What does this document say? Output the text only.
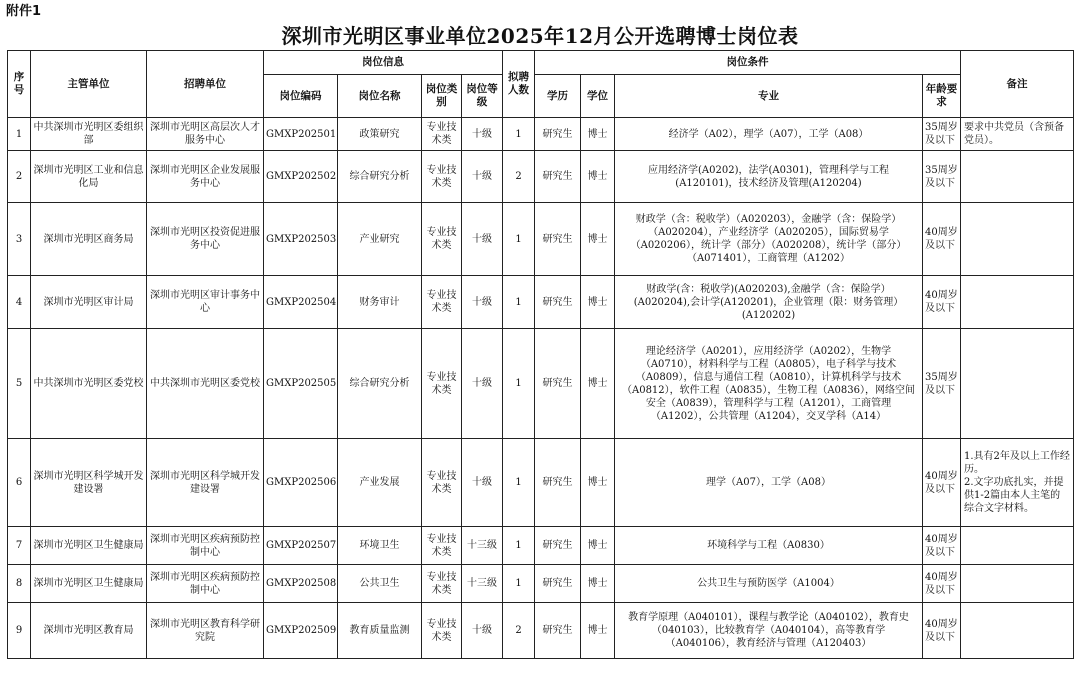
附件1
深圳市光明区事业单位2025年12月公开选聘博士岗位表
序号	主管单位	招聘单位	岗位信息				拟聘人数	岗位条件				备注
			岗位编码	岗位名称	岗位类别	岗位等级		学历	学位	专业	年龄要求	
1	中共深圳市光明区委组织部	深圳市光明区高层次人才服务中心	GMXP202501	政策研究	专业技术类	十级	1	研究生	博士	经济学（A02），理学（A07），工学（A08）	35周岁及以下	要求中共党员（含预备党员）。
2	深圳市光明区工业和信息化局	深圳市光明区企业发展服务中心	GMXP202502	综合研究分析	专业技术类	十级	2	研究生	博士	应用经济学(A0202)，法学(A0301)，管理科学与工程(A120101)，技术经济及管理(A120204)	35周岁及以下	
3	深圳市光明区商务局	深圳市光明区投资促进服务中心	GMXP202503	产业研究	专业技术类	十级	1	研究生	博士	财政学（含：税收学）（A020203），金融学（含：保险学）（A020204），产业经济学（A020205），国际贸易学（A020206），统计学（部分）（A020208），统计学（部分）（A071401），工商管理（A1202）	40周岁及以下	
4	深圳市光明区审计局	深圳市光明区审计事务中心	GMXP202504	财务审计	专业技术类	十级	1	研究生	博士	财政学(含：税收学)(A020203),金融学（含：保险学）(A020204),会计学(A120201)，企业管理（限：财务管理）(A120202)	40周岁及以下	
5	中共深圳市光明区委党校	中共深圳市光明区委党校	GMXP202505	综合研究分析	专业技术类	十级	1	研究生	博士	理论经济学（A0201），应用经济学（A0202），生物学（A0710），材料科学与工程（A0805），电子科学与技术（A0809），信息与通信工程（A0810），计算机科学与技术（A0812），软件工程（A0835），生物工程（A0836），网络空间安全（A0839），管理科学与工程（A1201），工商管理（A1202），公共管理（A1204），交叉学科（A14）	35周岁及以下	
6	深圳市光明区科学城开发建设署	深圳市光明区科学城开发建设署	GMXP202506	产业发展	专业技术类	十级	1	研究生	博士	理学（A07），工学（A08）	40周岁及以下	1.具有2年及以上工作经历。
2.文字功底扎实，并提供1-2篇由本人主笔的综合文字材料。
7	深圳市光明区卫生健康局	深圳市光明区疾病预防控制中心	GMXP202507	环境卫生	专业技术类	十三级	1	研究生	博士	环境科学与工程（A0830）	40周岁及以下	
8	深圳市光明区卫生健康局	深圳市光明区疾病预防控制中心	GMXP202508	公共卫生	专业技术类	十三级	1	研究生	博士	公共卫生与预防医学（A1004）	40周岁及以下	
9	深圳市光明区教育局	深圳市光明区教育科学研究院	GMXP202509	教育质量监测	专业技术类	十级	2	研究生	博士	教育学原理（A040101），课程与教学论（A040102），教育史（040103），比较教育学（A040104），高等教育学（A040106），教育经济与管理（A120403）	40周岁及以下	
